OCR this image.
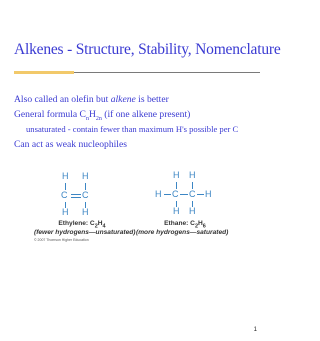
Alkenes - Structure, Stability, Nomenclature
Also called an olefin but alkene is better
General formula $C_nH_{2n}$ (if one alkene present)
unsaturated - contain fewer than maximum H's possible per C
Can act as weak nucleophiles
H H
C C
H H
H H
H C C H
H H
Ethylene: $C_2H_4$
(fewer hydrogens—unsaturated)
Ethane: $C_2H_6$
(more hydrogens—saturated)
© 2007 Thomson Higher Education
1
